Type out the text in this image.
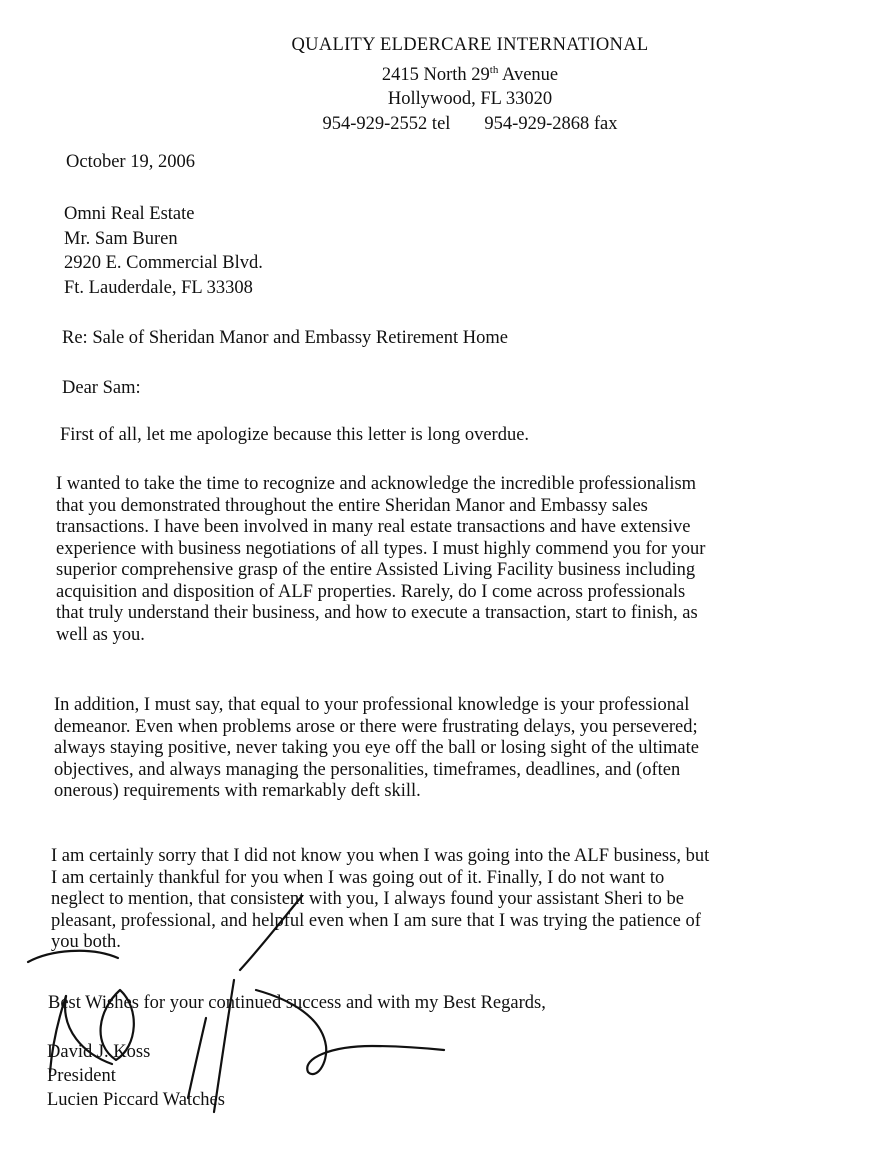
QUALITY ELDERCARE INTERNATIONAL
2415 North 29th Avenue
Hollywood, FL 33020
954-929-2552 tel 954-929-2868 fax
October 19, 2006
Omni Real Estate
Mr. Sam Buren
2920 E. Commercial Blvd.
Ft. Lauderdale, FL 33308
Re: Sale of Sheridan Manor and Embassy Retirement Home
Dear Sam:
First of all, let me apologize because this letter is long overdue.
I wanted to take the time to recognize and acknowledge the incredible professionalism
that you demonstrated throughout the entire Sheridan Manor and Embassy sales
transactions. I have been involved in many real estate transactions and have extensive
experience with business negotiations of all types. I must highly commend you for your
superior comprehensive grasp of the entire Assisted Living Facility business including
acquisition and disposition of ALF properties. Rarely, do I come across professionals
that truly understand their business, and how to execute a transaction, start to finish, as
well as you.
In addition, I must say, that equal to your professional knowledge is your professional
demeanor. Even when problems arose or there were frustrating delays, you persevered;
always staying positive, never taking you eye off the ball or losing sight of the ultimate
objectives, and always managing the personalities, timeframes, deadlines, and (often
onerous) requirements with remarkably deft skill.
I am certainly sorry that I did not know you when I was going into the ALF business, but
I am certainly thankful for you when I was going out of it. Finally, I do not want to
neglect to mention, that consistent with you, I always found your assistant Sheri to be
pleasant, professional, and helpful even when I am sure that I was trying the patience of
you both.
Best Wishes for your continued success and with my Best Regards,
David J. Koss
President
Lucien Piccard Watches
